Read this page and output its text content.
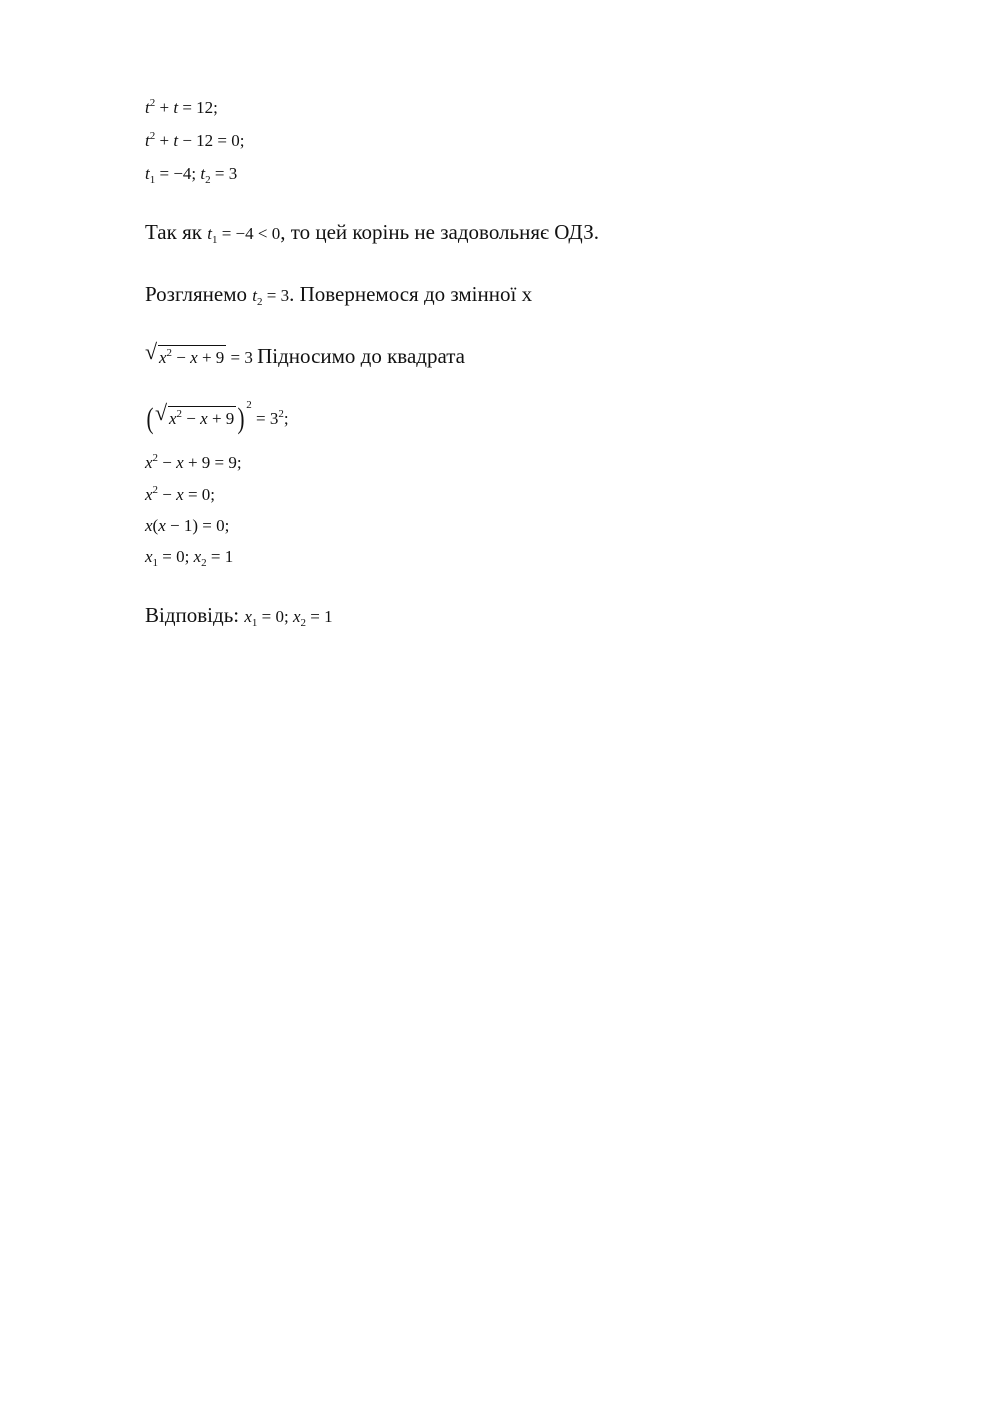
$t^2 + t = 12$;
$t^2 + t - 12 = 0$;
$t_1 = -4$; $t_2 = 3$
Так як $t_1 = -4 < 0$, то цей корінь не задовольняє ОДЗ.
Розглянемо $t_2 = 3$. Повернемося до змінної х
√ $x^2 - x + 9 = 3$ Підносимо до квадрата
( √ $x^2 - x + 9$ ) $^2 = 3^2$;
$x^2 - x + 9 = 9$;
$x^2 - x = 0$;
x(x − 1) = 0;
$x_1 = 0$; $x_2 = 1$
Відповідь: $x_1 = 0$; $x_2 = 1$
